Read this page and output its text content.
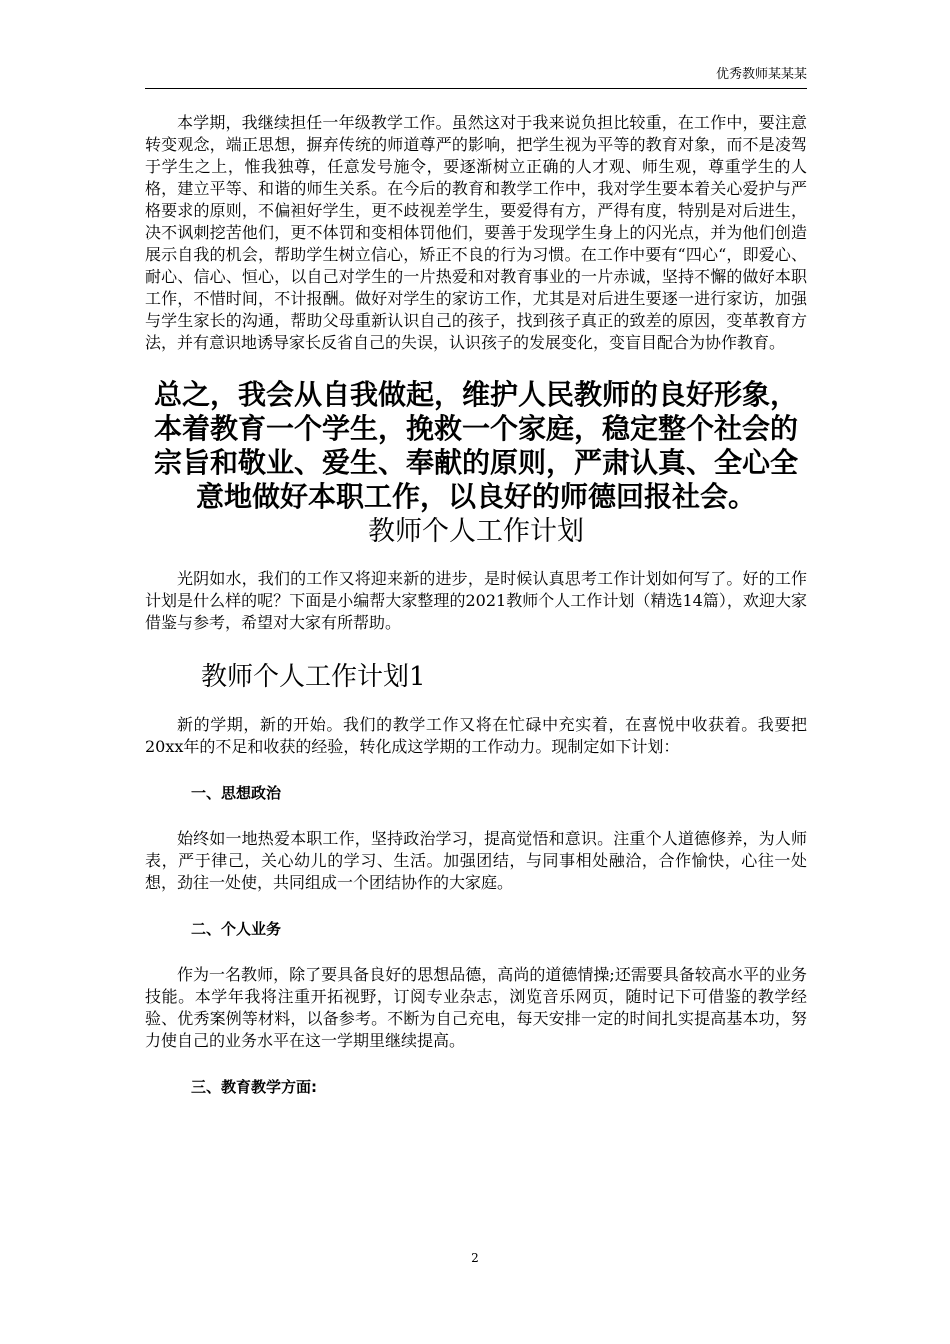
优秀教师某某某

本学期，我继续担任一年级教学工作。虽然这对于我来说负担比较重，在工作中，要注意转变观念，端正思想，摒弃传统的师道尊严的影响，把学生视为平等的教育对象，而不是凌驾于学生之上，惟我独尊，任意发号施令，要逐渐树立正确的人才观、师生观，尊重学生的人格，建立平等、和谐的师生关系。在今后的教育和教学工作中，我对学生要本着关心爱护与严格要求的原则，不偏袒好学生，更不歧视差学生，要爱得有方，严得有度，特别是对后进生，决不讽刺挖苦他们，更不体罚和变相体罚他们，要善于发现学生身上的闪光点，并为他们创造展示自我的机会，帮助学生树立信心，矫正不良的行为习惯。在工作中要有“四心“，即爱心、耐心、信心、恒心，以自己对学生的一片热爱和对教育事业的一片赤诚，坚持不懈的做好本职工作，不惜时间，不计报酬。做好对学生的家访工作，尤其是对后进生要逐一进行家访，加强与学生家长的沟通，帮助父母重新认识自己的孩子，找到孩子真正的致差的原因，变革教育方法，并有意识地诱导家长反省自己的失误，认识孩子的发展变化，变盲目配合为协作教育。

总之，我会从自我做起，维护人民教师的良好形象，本着教育一个学生，挽救一个家庭，稳定整个社会的宗旨和敬业、爱生、奉献的原则，严肃认真、全心全意地做好本职工作，以良好的师德回报社会。

教师个人工作计划

光阴如水，我们的工作又将迎来新的进步，是时候认真思考工作计划如何写了。好的工作计划是什么样的呢？下面是小编帮大家整理的2021教师个人工作计划（精选14篇），欢迎大家借鉴与参考，希望对大家有所帮助。

教师个人工作计划1

新的学期，新的开始。我们的教学工作又将在忙碌中充实着，在喜悦中收获着。我要把20xx年的不足和收获的经验，转化成这学期的工作动力。现制定如下计划：

一、思想政治

始终如一地热爱本职工作，坚持政治学习，提高觉悟和意识。注重个人道德修养，为人师表，严于律己，关心幼儿的学习、生活。加强团结，与同事相处融洽，合作愉快，心往一处想，劲往一处使，共同组成一个团结协作的大家庭。

二、个人业务

作为一名教师，除了要具备良好的思想品德，高尚的道德情操;还需要具备较高水平的业务技能。本学年我将注重开拓视野，订阅专业杂志，浏览音乐网页，随时记下可借鉴的教学经验、优秀案例等材料，以备参考。不断为自己充电，每天安排一定的时间扎实提高基本功，努力使自己的业务水平在这一学期里继续提高。

三、教育教学方面:

2
